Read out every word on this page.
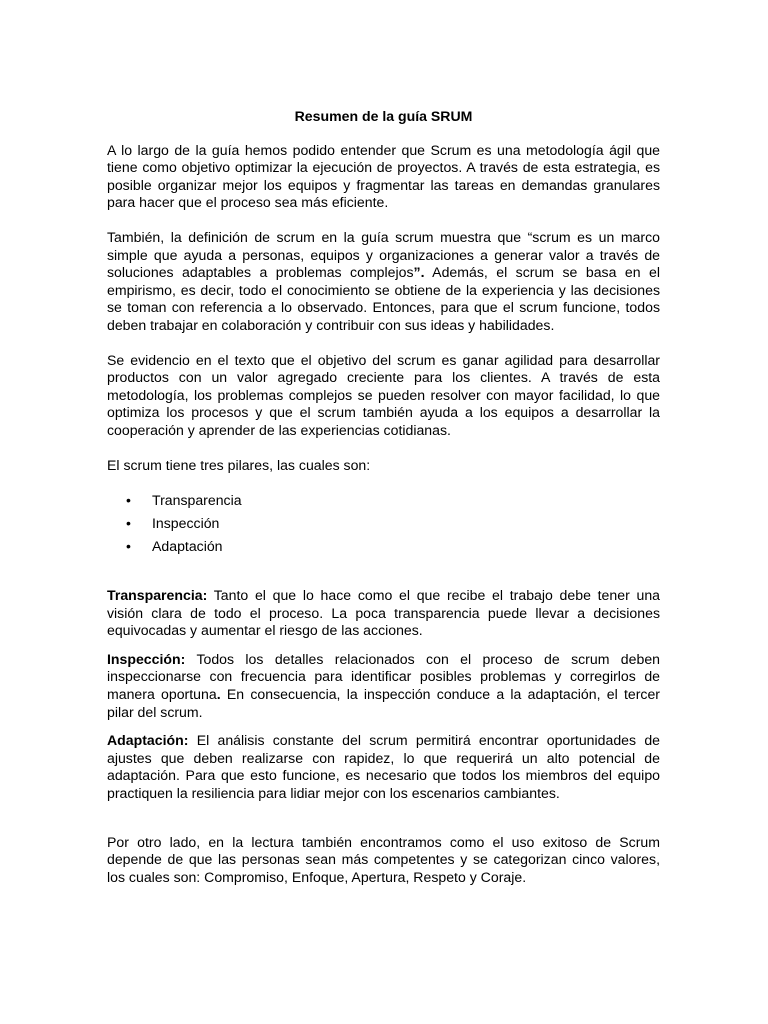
Resumen de la guía SRUM

A lo largo de la guía hemos podido entender que Scrum es una metodología ágil que tiene como objetivo optimizar la ejecución de proyectos. A través de esta estrategia, es posible organizar mejor los equipos y fragmentar las tareas en demandas granulares para hacer que el proceso sea más eficiente.

También, la definición de scrum en la guía scrum muestra que “scrum es un marco simple que ayuda a personas, equipos y organizaciones a generar valor a través de soluciones adaptables a problemas complejos”. Además, el scrum se basa en el empirismo, es decir, todo el conocimiento se obtiene de la experiencia y las decisiones se toman con referencia a lo observado. Entonces, para que el scrum funcione, todos deben trabajar en colaboración y contribuir con sus ideas y habilidades.

Se evidencio en el texto que el objetivo del scrum es ganar agilidad para desarrollar productos con un valor agregado creciente para los clientes. A través de esta metodología, los problemas complejos se pueden resolver con mayor facilidad, lo que optimiza los procesos y que el scrum también ayuda a los equipos a desarrollar la cooperación y aprender de las experiencias cotidianas.

El scrum tiene tres pilares, las cuales son:

• Transparencia
• Inspección
• Adaptación

Transparencia: Tanto el que lo hace como el que recibe el trabajo debe tener una visión clara de todo el proceso. La poca transparencia puede llevar a decisiones equivocadas y aumentar el riesgo de las acciones.

Inspección: Todos los detalles relacionados con el proceso de scrum deben inspeccionarse con frecuencia para identificar posibles problemas y corregirlos de manera oportuna. En consecuencia, la inspección conduce a la adaptación, el tercer pilar del scrum.

Adaptación: El análisis constante del scrum permitirá encontrar oportunidades de ajustes que deben realizarse con rapidez, lo que requerirá un alto potencial de adaptación. Para que esto funcione, es necesario que todos los miembros del equipo practiquen la resiliencia para lidiar mejor con los escenarios cambiantes.

Por otro lado, en la lectura también encontramos como el uso exitoso de Scrum depende de que las personas sean más competentes y se categorizan cinco valores, los cuales son: Compromiso, Enfoque, Apertura, Respeto y Coraje.
